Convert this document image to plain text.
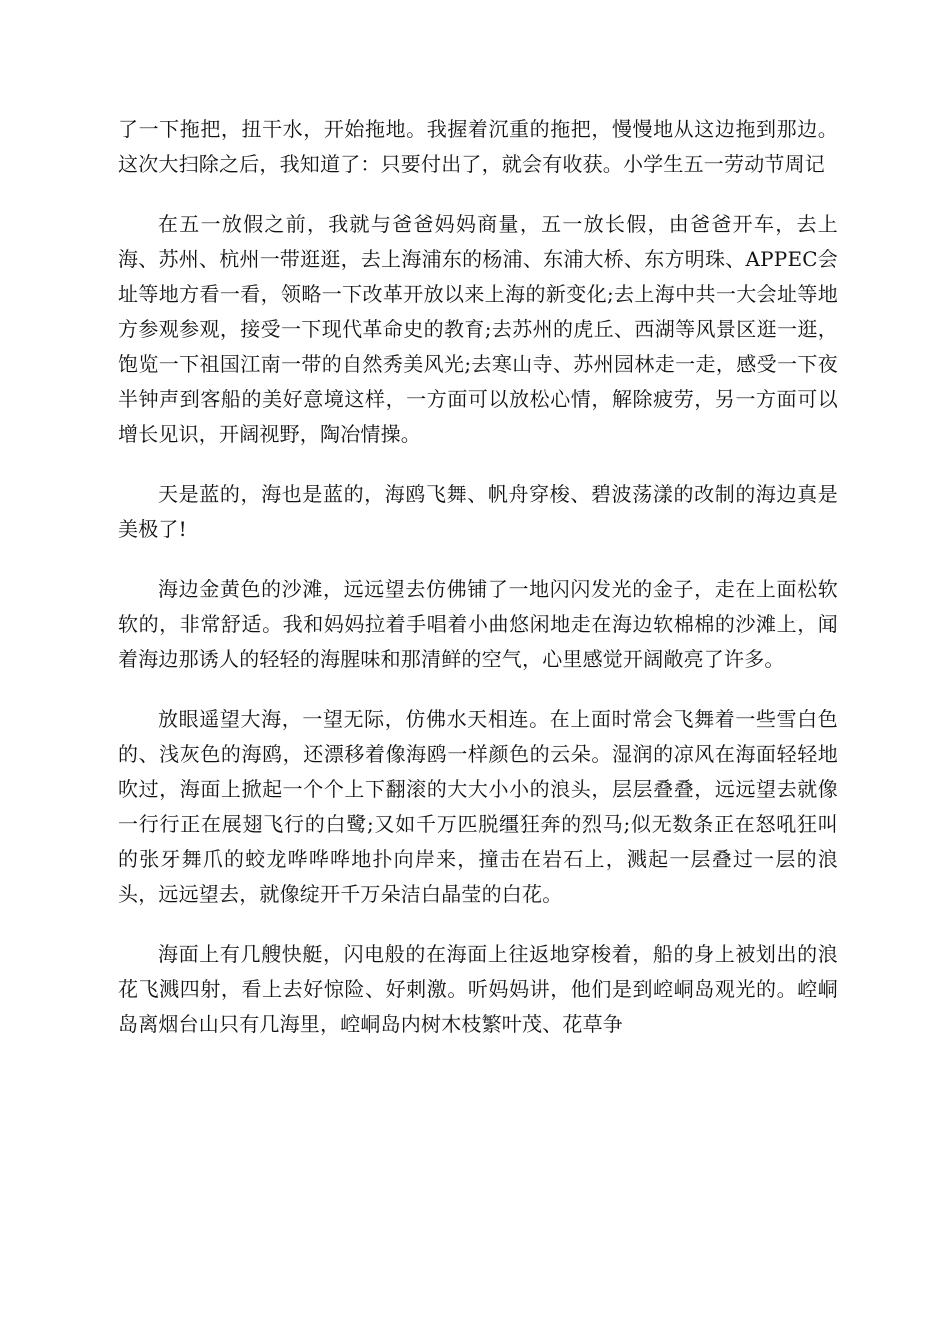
了一下拖把，扭干水，开始拖地。我握着沉重的拖把，慢慢地从这边拖到那边。这次大扫除之后，我知道了：只要付出了，就会有收获。小学生五一劳动节周记

在五一放假之前，我就与爸爸妈妈商量，五一放长假，由爸爸开车，去上海、苏州、杭州一带逛逛，去上海浦东的杨浦、东浦大桥、东方明珠、APPEC会址等地方看一看，领略一下改革开放以来上海的新变化;去上海中共一大会址等地方参观参观，接受一下现代革命史的教育;去苏州的虎丘、西湖等风景区逛一逛，饱览一下祖国江南一带的自然秀美风光;去寒山寺、苏州园林走一走，感受一下夜半钟声到客船的美好意境这样，一方面可以放松心情，解除疲劳，另一方面可以增长见识，开阔视野，陶冶情操。

天是蓝的，海也是蓝的，海鸥飞舞、帆舟穿梭、碧波荡漾的改制的海边真是美极了!

海边金黄色的沙滩，远远望去仿佛铺了一地闪闪发光的金子，走在上面松软软的，非常舒适。我和妈妈拉着手唱着小曲悠闲地走在海边软棉棉的沙滩上，闻着海边那诱人的轻轻的海腥味和那清鲜的空气，心里感觉开阔敞亮了许多。

放眼遥望大海，一望无际，仿佛水天相连。在上面时常会飞舞着一些雪白色的、浅灰色的海鸥，还漂移着像海鸥一样颜色的云朵。湿润的凉风在海面轻轻地吹过，海面上掀起一个个上下翻滚的大大小小的浪头，层层叠叠，远远望去就像一行行正在展翅飞行的白鹭;又如千万匹脱缰狂奔的烈马;似无数条正在怒吼狂叫的张牙舞爪的蛟龙哗哗哗地扑向岸来，撞击在岩石上，溅起一层叠过一层的浪头，远远望去，就像绽开千万朵洁白晶莹的白花。

海面上有几艘快艇，闪电般的在海面上往返地穿梭着，船的身上被划出的浪花飞溅四射，看上去好惊险、好刺激。听妈妈讲，他们是到崆峒岛观光的。崆峒岛离烟台山只有几海里，崆峒岛内树木枝繁叶茂、花草争
